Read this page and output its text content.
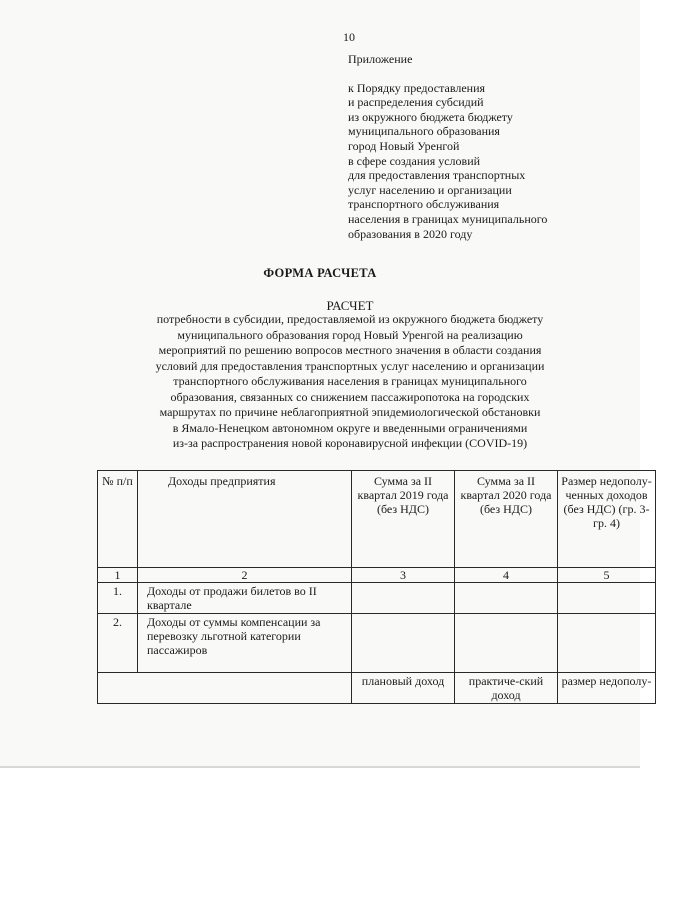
10
Приложение
к Порядку предоставления
и распределения субсидий
из окружного бюджета бюджету
муниципального образования
город Новый Уренгой
в сфере создания условий
для предоставления транспортных
услуг населению и организации
транспортного обслуживания
населения в границах муниципального
образования в 2020 году
ФОРМА РАСЧЕТА
РАСЧЕТ
потребности в субсидии, предоставляемой из окружного бюджета бюджету
муниципального образования город Новый Уренгой на реализацию
мероприятий по решению вопросов местного значения в области создания
условий для предоставления транспортных услуг населению и организации
транспортного обслуживания населения в границах муниципального
образования, связанных со снижением пассажиропотока на городских
маршрутах по причине неблагоприятной эпидемиологической обстановки
в Ямало-Ненецком автономном округе и введенными ограничениями
из-за распространения новой коронавирусной инфекции (COVID-19)
№ п/п	Доходы предприятия	Сумма за II квартал 2019 года (без НДС)	Сумма за II квартал 2020 года (без НДС)	Размер недополу-ченных доходов (без НДС) (гр. 3-гр. 4)
1	2	3	4	5
1.	Доходы от продажи билетов во II квартале			

2.	Доходы от суммы компенсации за перевозку льготной категории пассажиров			

		плановый доход	практиче-ский доход	размер недополу-
